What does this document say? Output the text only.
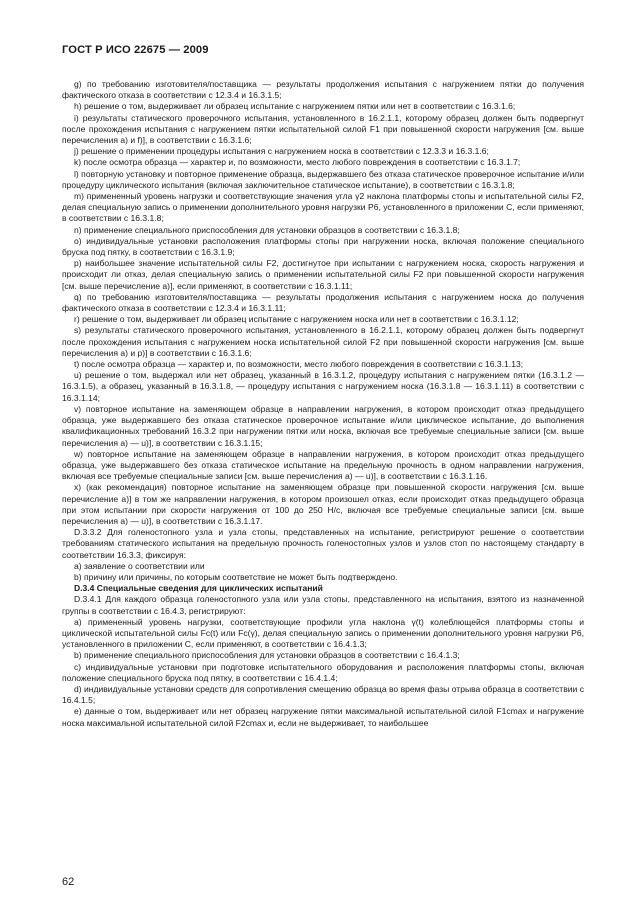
ГОСТ Р ИСО 22675 — 2009

g) по требованию изготовителя/поставщика — результаты продолжения испытания с нагружением пятки до получения фактического отказа в соответствии с 12.3.4 и 16.3.1.5;

h) решение о том, выдерживает ли образец испытание с нагружением пятки или нет в соответствии с 16.3.1.6;

i) результаты статического проверочного испытания, установленного в 16.2.1.1, которому образец должен быть подвергнут после прохождения испытания с нагружением пятки испытательной силой F1 при повышенной скорости нагружения [см. выше перечисления а) и f)], в соответствии с 16.3.1.6;

j) решение о применении процедуры испытания с нагружением носка в соответствии с 12.3.3 и 16.3.1.6;

k) после осмотра образца — характер и, по возможности, место любого повреждения в соответствии с 16.3.1.7;

l) повторную установку и повторное применение образца, выдержавшего без отказа статическое проверочное испытание и/или процедуру циклического испытания (включая заключительное статическое испытание), в соответствии с 16.3.1.8;

m) примененный уровень нагрузки и соответствующие значения угла γ2 наклона платформы стопы и испытательной силы F2, делая специальную запись о применении дополнительного уровня нагрузки Р6, установленного в приложении С, если применяют, в соответствии с 16.3.1.8;

n) применение специального приспособления для установки образцов в соответствии с 16.3.1.8;

o) индивидуальные установки расположения платформы стопы при нагружении носка, включая положение специального бруска под пятку, в соответствии с 16.3.1.9;

p) наибольшее значение испытательной силы F2, достигнутое при испытании с нагружением носка, скорость нагружения и происходит ли отказ, делая специальную запись о применении испытательной силы F2 при повышенной скорости нагружения [см. выше перечисление а)], если применяют, в соответствии с 16.3.1.11;

q) по требованию изготовителя/поставщика — результаты продолжения испытания с нагружением носка до получения фактического отказа в соответствии с 12.3.4 и 16.3.1.11;

r) решение о том, выдерживает ли образец испытание с нагружением носка или нет в соответствии с 16.3.1.12;

s) результаты статического проверочного испытания, установленного в 16.2.1.1, которому образец должен быть подвергнут после прохождения испытания с нагружением носка испытательной силой F2 при повышенной скорости нагружения [см. выше перечисления а) и р)] в соответствии с 16.3.1.6;

t) после осмотра образца — характер и, по возможности, место любого повреждения в соответствии с 16.3.1.13;

u) решение о том, выдержал или нет образец, указанный в 16.3.1.2, процедуру испытания с нагружением пятки (16.3.1.2 — 16.3.1.5), а образец, указанный в 16.3.1.8, — процедуру испытания с нагружением носка (16.3.1.8 — 16.3.1.11) в соответствии с 16.3.1.14;

v) повторное испытание на заменяющем образце в направлении нагружения, в котором происходит отказ предыдущего образца, уже выдержавшего без отказа статическое проверочное испытание и/или циклическое испытание, до выполнения квалификационных требований 16.3.2 при нагружении пятки или носка, включая все требуемые специальные записи [см. выше перечисления а) — u)], в соответствии с 16.3.1.15;

w) повторное испытание на заменяющем образце в направлении нагружения, в котором происходит отказ предыдущего образца, уже выдержавшего без отказа статическое испытание на предельную прочность в одном направлении нагружения, включая все требуемые специальные записи [см. выше перечисления а) — u)], в соответствии с 16.3.1.16.

x) (как рекомендация) повторное испытание на заменяющем образце при повышенной скорости нагружения [см. выше перечисление а)] в том же направлении нагружения, в котором произошел отказ, если происходит отказ предыдущего образца при этом испытании при скорости нагружения от 100 до 250 Н/с, включая все требуемые специальные записи [см. выше перечисления а) — u)], в соответствии с 16.3.1.17.

D.3.3.2 Для голеностопного узла и узла стопы, представленных на испытание, регистрируют решение о соответствии требованиям статического испытания на предельную прочность голеностопных узлов и узлов стоп по настоящему стандарту в соответствии 16.3.3, фиксируя:

а) заявление о соответствии или

b) причину или причины, по которым соответствие не может быть подтверждено.

D.3.4 Специальные сведения для циклических испытаний

D.3.4.1 Для каждого образца голеностопного узла или узла стопы, представленного на испытания, взятого из назначенной группы в соответствии с 16.4.3, регистрируют:

а) примененный уровень нагрузки, соответствующие профили угла наклона γ(t) колеблющейся платформы стопы и циклической испытательной силы Fc(t) или Fc(γ), делая специальную запись о применении дополнительного уровня нагрузки Р6, установленного в приложении С, если применяют, в соответствии с 16.4.1.3;

b) применение специального приспособления для установки образцов в соответствии с 16.4.1.3;

c) индивидуальные установки при подготовке испытательного оборудования и расположения платформы стопы, включая положение специального бруска под пятку, в соответствии с 16.4.1.4;

d) индивидуальные установки средств для сопротивления смещению образца во время фазы отрыва образца в соответствии с 16.4.1.5;

e) данные о том, выдерживает или нет образец нагружение пятки максимальной испытательной силой F1cmax и нагружение носка максимальной испытательной силой F2cmax и, если не выдерживает, то наибольшее

62
